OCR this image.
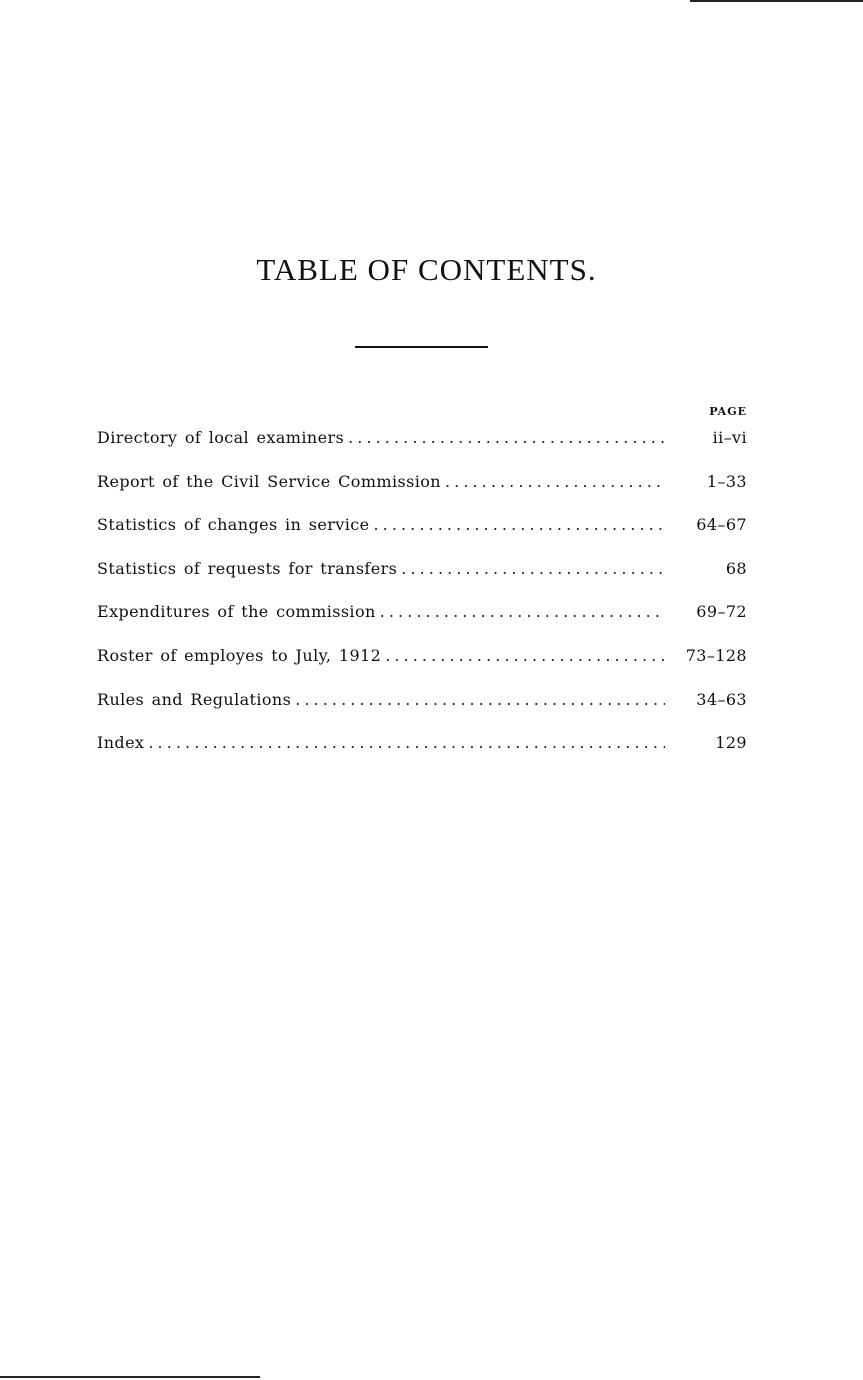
TABLE OF CONTENTS.
PAGE
Directory of local examiners . . .	ii–vi
Report of the Civil Service Commission . . .	1–33
Statistics of changes in service . . .	64–67
Statistics of requests for transfers . . .	68
Expenditures of the commission . . .	69–72
Roster of employes to July, 1912 . . .	73–128
Rules and Regulations . . .	34–63
Index . . .	129
